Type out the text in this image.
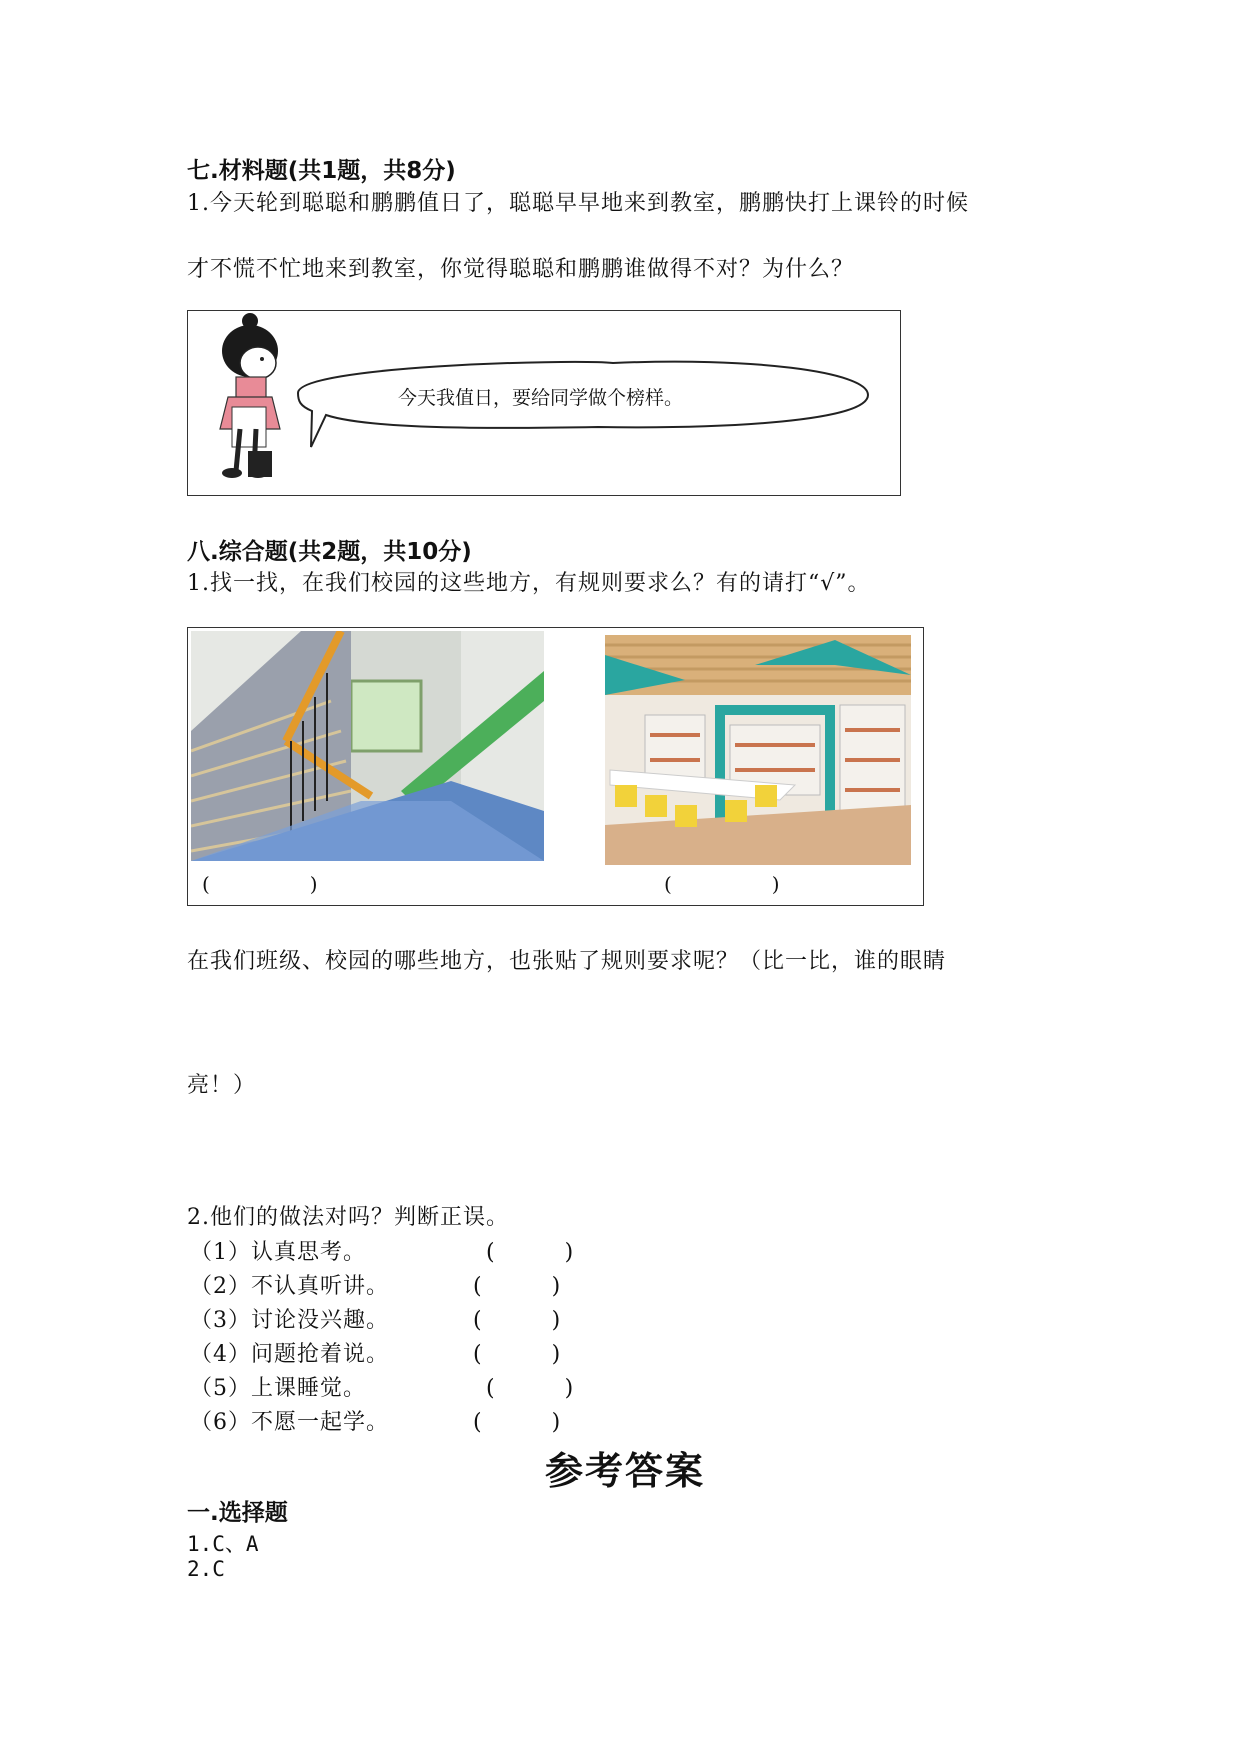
七.材料题(共1题，共8分)
1.今天轮到聪聪和鹏鹏值日了，聪聪早早地来到教室，鹏鹏快打上课铃的时候
才不慌不忙地来到教室，你觉得聪聪和鹏鹏谁做得不对？为什么？
今天我值日，要给同学做个榜样。
八.综合题(共2题，共10分)
1.找一找，在我们校园的这些地方，有规则要求么？有的请打“√”。
(　　　　　)	(　　　　　)
在我们班级、校园的哪些地方，也张贴了规则要求呢？（比一比，谁的眼睛
亮！）
2.他们的做法对吗？判断正误。
（1）认真思考。	(　　　)
（2）不认真听讲。	(　　　)
（3）讨论没兴趣。	(　　　)
（4）问题抢着说。	(　　　)
（5）上课睡觉。	(　　　)
（6）不愿一起学。	(　　　)
参考答案
一.选择题
1.C、A
2.C
